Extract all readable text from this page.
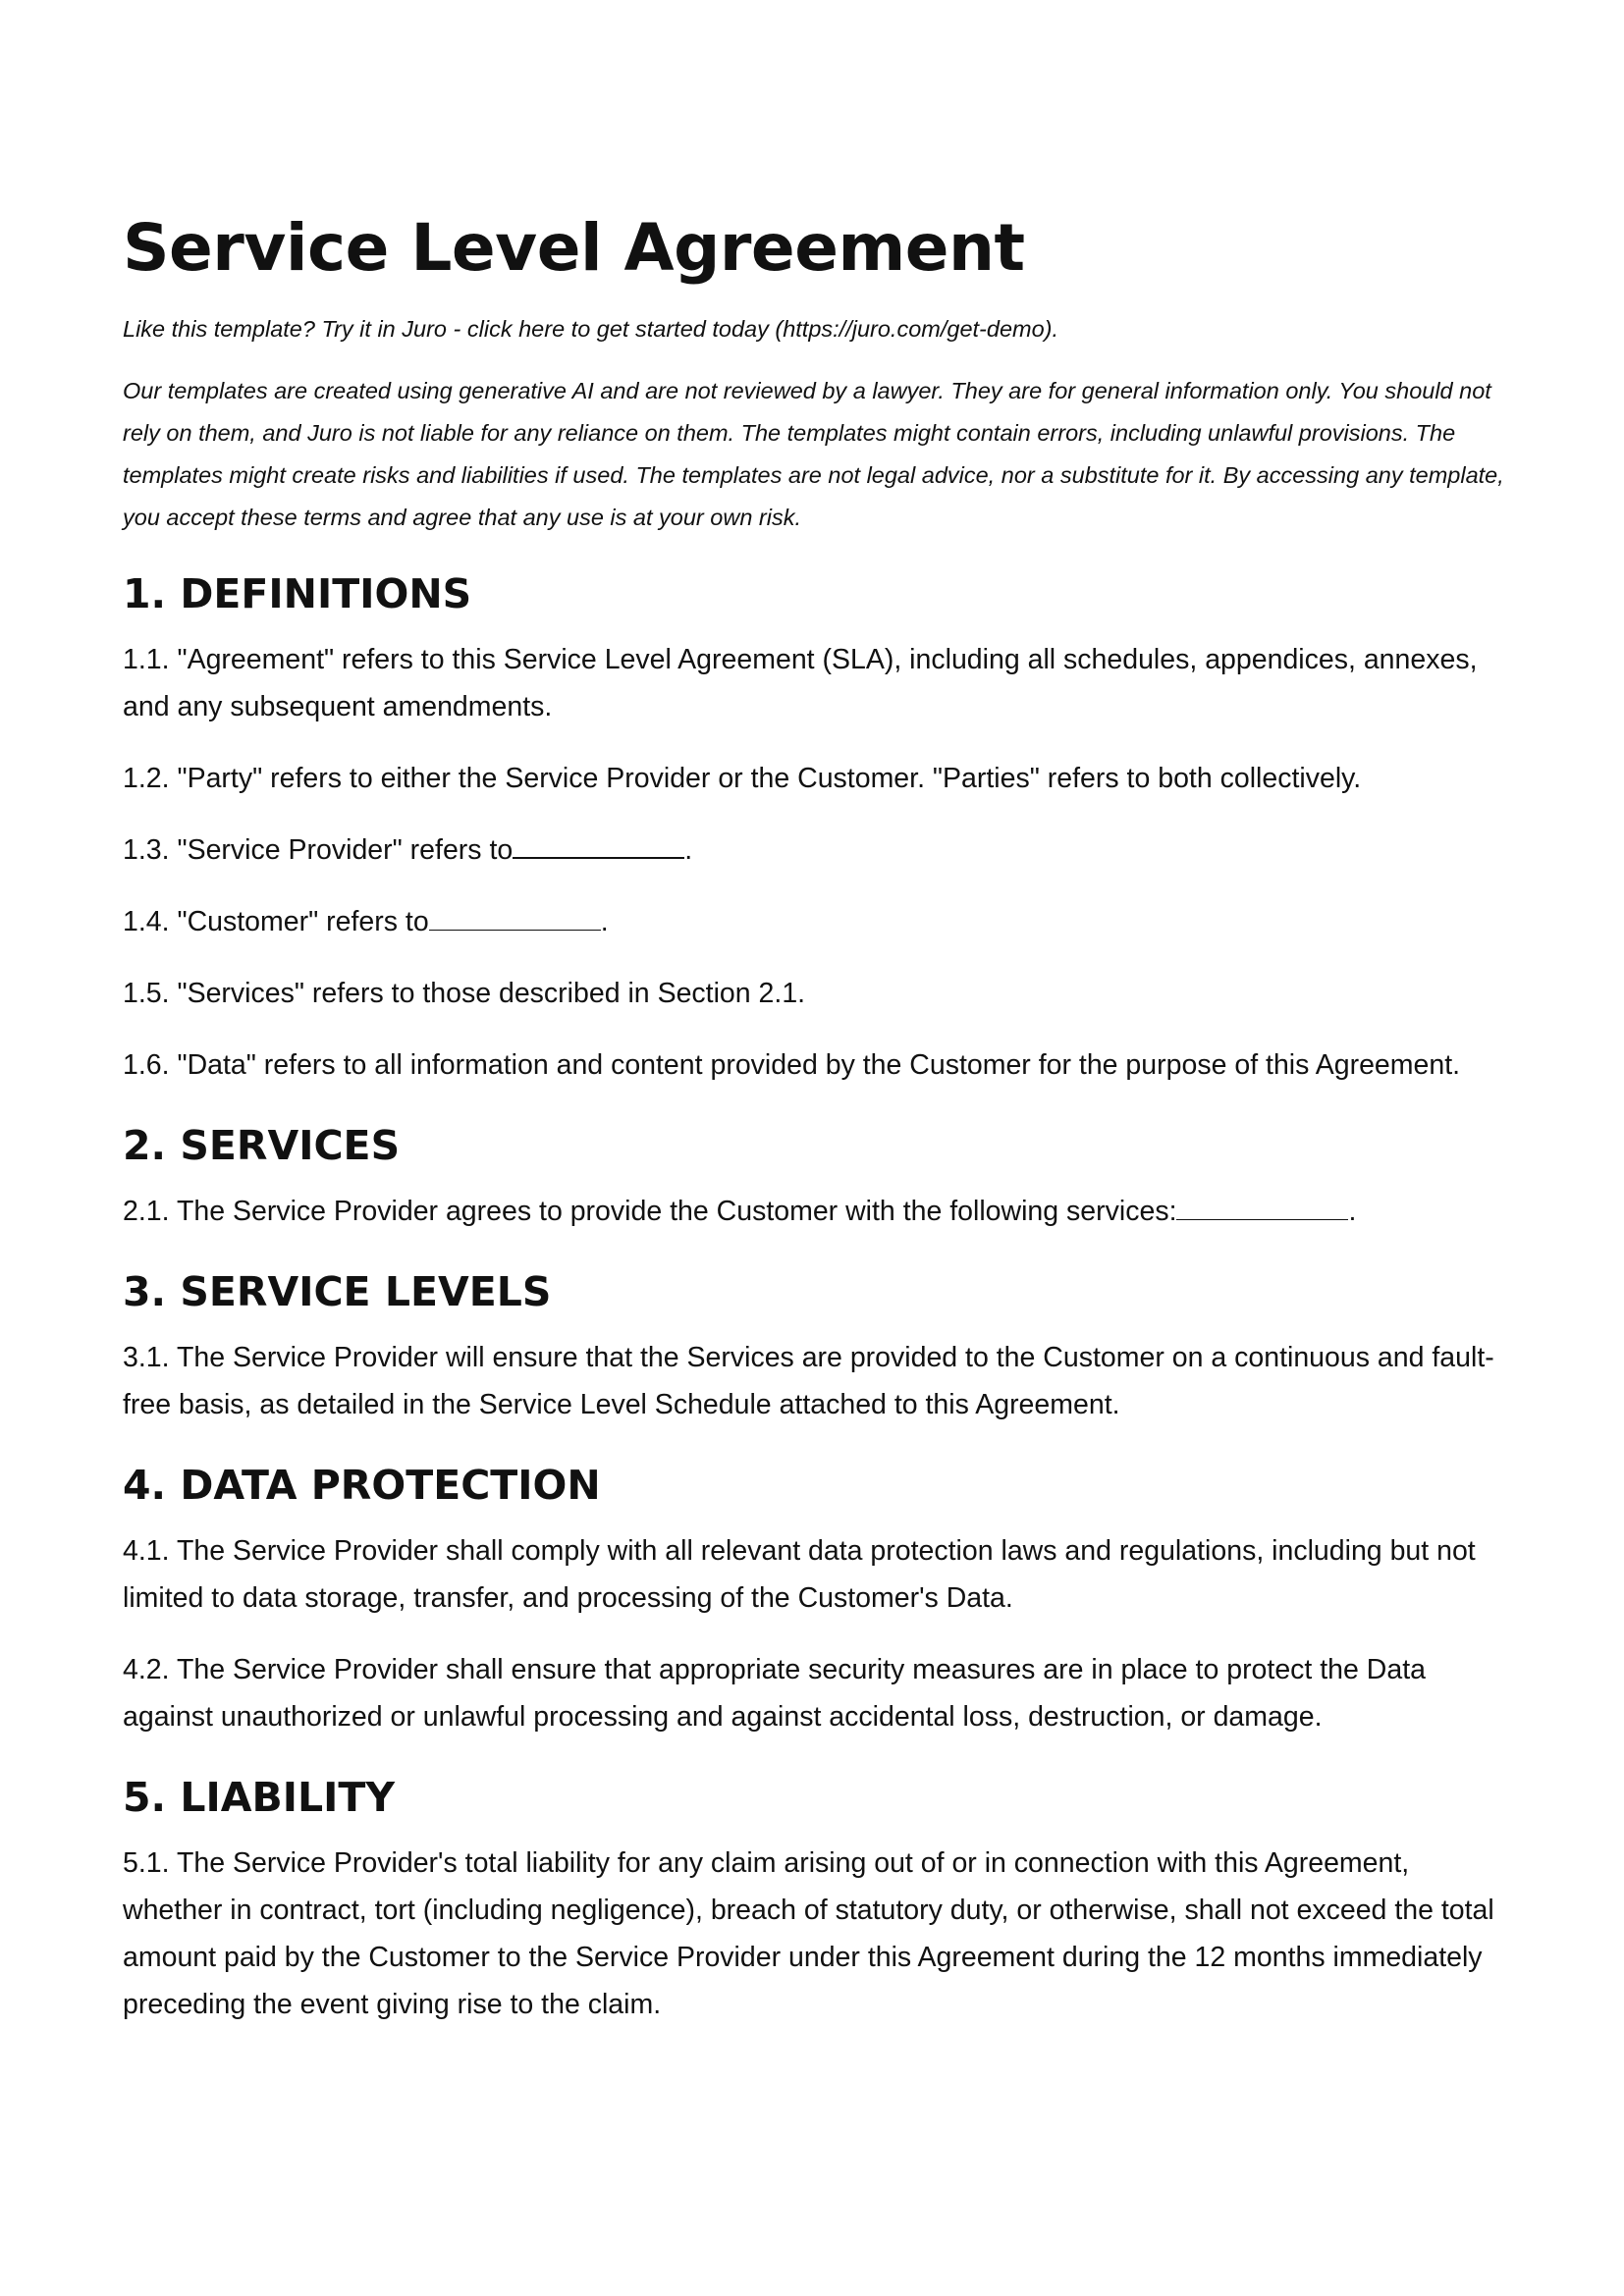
Service Level Agreement

Like this template? Try it in Juro - click here to get started today (https://juro.com/get-demo).

Our templates are created using generative AI and are not reviewed by a lawyer. They are for general information only. You should not rely on them, and Juro is not liable for any reliance on them. The templates might contain errors, including unlawful provisions. The templates might create risks and liabilities if used. The templates are not legal advice, nor a substitute for it. By accessing any template, you accept these terms and agree that any use is at your own risk.

1. DEFINITIONS

1.1. "Agreement" refers to this Service Level Agreement (SLA), including all schedules, appendices, annexes, and any subsequent amendments.

1.2. "Party" refers to either the Service Provider or the Customer. "Parties" refers to both collectively.

1.3. "Service Provider" refers to	.

1.4. "Customer" refers to	.

1.5. "Services" refers to those described in Section 2.1.

1.6. "Data" refers to all information and content provided by the Customer for the purpose of this Agreement.

2. SERVICES

2.1. The Service Provider agrees to provide the Customer with the following services:	.

3. SERVICE LEVELS

3.1. The Service Provider will ensure that the Services are provided to the Customer on a continuous and fault-free basis, as detailed in the Service Level Schedule attached to this Agreement.

4. DATA PROTECTION

4.1. The Service Provider shall comply with all relevant data protection laws and regulations, including but not limited to data storage, transfer, and processing of the Customer's Data.

4.2. The Service Provider shall ensure that appropriate security measures are in place to protect the Data against unauthorized or unlawful processing and against accidental loss, destruction, or damage.

5. LIABILITY

5.1. The Service Provider's total liability for any claim arising out of or in connection with this Agreement, whether in contract, tort (including negligence), breach of statutory duty, or otherwise, shall not exceed the total amount paid by the Customer to the Service Provider under this Agreement during the 12 months immediately preceding the event giving rise to the claim.
